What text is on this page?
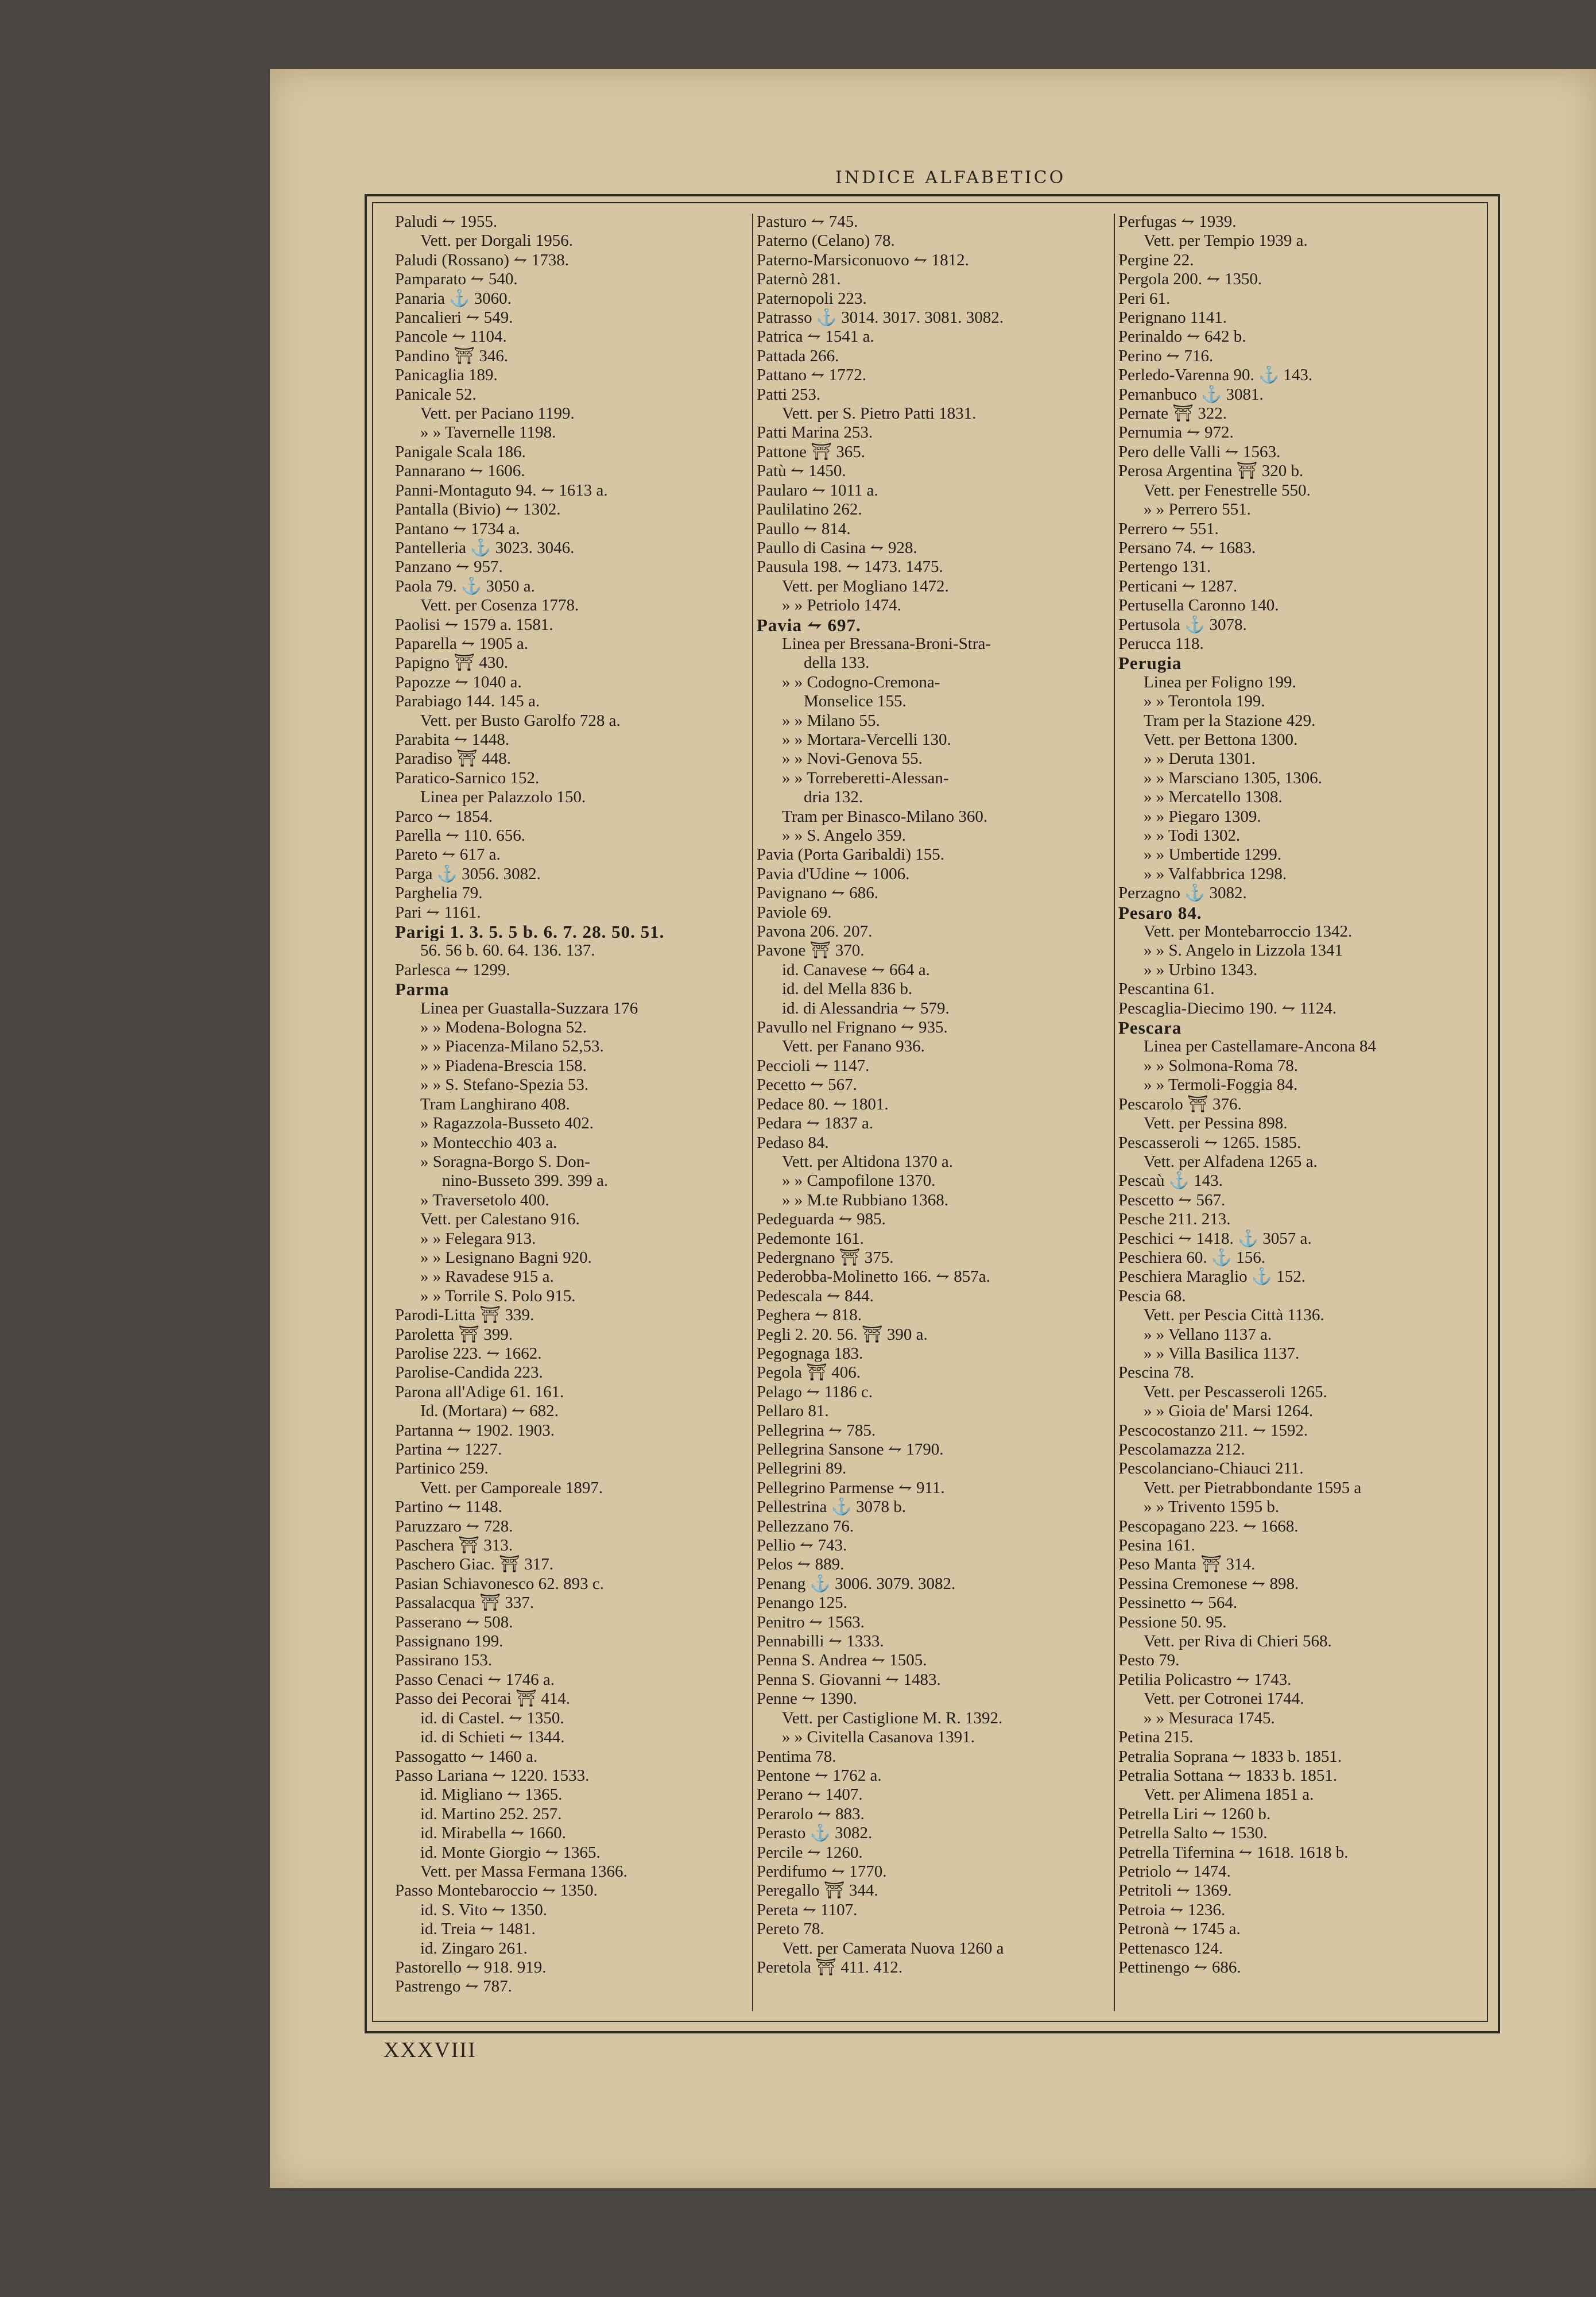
INDICE ALFABETICO
Paludi ⥊ 1955.
Vett. per Dorgali 1956.
Paludi (Rossano) ⥊ 1738.
Pamparato ⥊ 540.
Panaria ⚓ 3060.
Pancalieri ⥊ 549.
Pancole ⥊ 1104.
Pandino ⛩ 346.
Panicaglia 189.
Panicale 52.
Vett. per Paciano 1199.
» » Tavernelle 1198.
Panigale Scala 186.
Pannarano ⥊ 1606.
Panni-Montaguto 94. ⥊ 1613 a.
Pantalla (Bivio) ⥊ 1302.
Pantano ⥊ 1734 a.
Pantelleria ⚓ 3023. 3046.
Panzano ⥊ 957.
Paola 79. ⚓ 3050 a.
Vett. per Cosenza 1778.
Paolisi ⥊ 1579 a. 1581.
Paparella ⥊ 1905 a.
Papigno ⛩ 430.
Papozze ⥊ 1040 a.
Parabiago 144. 145 a.
Vett. per Busto Garolfo 728 a.
Parabita ⥊ 1448.
Paradiso ⛩ 448.
Paratico-Sarnico 152.
Linea per Palazzolo 150.
Parco ⥊ 1854.
Parella ⥊ 110. 656.
Pareto ⥊ 617 a.
Parga ⚓ 3056. 3082.
Parghelia 79.
Pari ⥊ 1161.
Parigi 1. 3. 5. 5 b. 6. 7. 28. 50. 51.
56. 56 b. 60. 64. 136. 137.
Parlesca ⥊ 1299.
Parma
Linea per Guastalla-Suzzara 176
» » Modena-Bologna 52.
» » Piacenza-Milano 52,53.
» » Piadena-Brescia 158.
» » S. Stefano-Spezia 53.
Tram Langhirano 408.
» Ragazzola-Busseto 402.
» Montecchio 403 a.
» Soragna-Borgo S. Don-
nino-Busseto 399. 399 a.
» Traversetolo 400.
Vett. per Calestano 916.
» » Felegara 913.
» » Lesignano Bagni 920.
» » Ravadese 915 a.
» » Torrile S. Polo 915.
Parodi-Litta ⛩ 339.
Paroletta ⛩ 399.
Parolise 223. ⥊ 1662.
Parolise-Candida 223.
Parona all'Adige 61. 161.
Id. (Mortara) ⥊ 682.
Partanna ⥊ 1902. 1903.
Partina ⥊ 1227.
Partinico 259.
Vett. per Camporeale 1897.
Partino ⥊ 1148.
Paruzzaro ⥊ 728.
Paschera ⛩ 313.
Paschero Giac. ⛩ 317.
Pasian Schiavonesco 62. 893 c.
Passalacqua ⛩ 337.
Passerano ⥊ 508.
Passignano 199.
Passirano 153.
Passo Cenaci ⥊ 1746 a.
Passo dei Pecorai ⛩ 414.
id. di Castel. ⥊ 1350.
id. di Schieti ⥊ 1344.
Passogatto ⥊ 1460 a.
Passo Lariana ⥊ 1220. 1533.
id. Migliano ⥊ 1365.
id. Martino 252. 257.
id. Mirabella ⥊ 1660.
id. Monte Giorgio ⥊ 1365.
Vett. per Massa Fermana 1366.
Passo Montebaroccio ⥊ 1350.
id. S. Vito ⥊ 1350.
id. Treia ⥊ 1481.
id. Zingaro 261.
Pastorello ⥊ 918. 919.
Pastrengo ⥊ 787.
Pasturo ⥊ 745.
Paterno (Celano) 78.
Paterno-Marsiconuovo ⥊ 1812.
Paternò 281.
Paternopoli 223.
Patrasso ⚓ 3014. 3017. 3081. 3082.
Patrica ⥊ 1541 a.
Pattada 266.
Pattano ⥊ 1772.
Patti 253.
Vett. per S. Pietro Patti 1831.
Patti Marina 253.
Pattone ⛩ 365.
Patù ⥊ 1450.
Paularo ⥊ 1011 a.
Paulilatino 262.
Paullo ⥊ 814.
Paullo di Casina ⥊ 928.
Pausula 198. ⥊ 1473. 1475.
Vett. per Mogliano 1472.
» » Petriolo 1474.
Pavia ⥊ 697.
Linea per Bressana-Broni-Stra-
della 133.
» » Codogno-Cremona-
Monselice 155.
» » Milano 55.
» » Mortara-Vercelli 130.
» » Novi-Genova 55.
» » Torreberetti-Alessan-
dria 132.
Tram per Binasco-Milano 360.
» » S. Angelo 359.
Pavia (Porta Garibaldi) 155.
Pavia d'Udine ⥊ 1006.
Pavignano ⥊ 686.
Paviole 69.
Pavona 206. 207.
Pavone ⛩ 370.
id. Canavese ⥊ 664 a.
id. del Mella 836 b.
id. di Alessandria ⥊ 579.
Pavullo nel Frignano ⥊ 935.
Vett. per Fanano 936.
Peccioli ⥊ 1147.
Pecetto ⥊ 567.
Pedace 80. ⥊ 1801.
Pedara ⥊ 1837 a.
Pedaso 84.
Vett. per Altidona 1370 a.
» » Campofilone 1370.
» » M.te Rubbiano 1368.
Pedeguarda ⥊ 985.
Pedemonte 161.
Pedergnano ⛩ 375.
Pederobba-Molinetto 166. ⥊ 857a.
Pedescala ⥊ 844.
Peghera ⥊ 818.
Pegli 2. 20. 56. ⛩ 390 a.
Pegognaga 183.
Pegola ⛩ 406.
Pelago ⥊ 1186 c.
Pellaro 81.
Pellegrina ⥊ 785.
Pellegrina Sansone ⥊ 1790.
Pellegrini 89.
Pellegrino Parmense ⥊ 911.
Pellestrina ⚓ 3078 b.
Pellezzano 76.
Pellio ⥊ 743.
Pelos ⥊ 889.
Penang ⚓ 3006. 3079. 3082.
Penango 125.
Penitro ⥊ 1563.
Pennabilli ⥊ 1333.
Penna S. Andrea ⥊ 1505.
Penna S. Giovanni ⥊ 1483.
Penne ⥊ 1390.
Vett. per Castiglione M. R. 1392.
» » Civitella Casanova 1391.
Pentima 78.
Pentone ⥊ 1762 a.
Perano ⥊ 1407.
Perarolo ⥊ 883.
Perasto ⚓ 3082.
Percile ⥊ 1260.
Perdifumo ⥊ 1770.
Peregallo ⛩ 344.
Pereta ⥊ 1107.
Pereto 78.
Vett. per Camerata Nuova 1260 a
Peretola ⛩ 411. 412.
Perfugas ⥊ 1939.
Vett. per Tempio 1939 a.
Pergine 22.
Pergola 200. ⥊ 1350.
Peri 61.
Perignano 1141.
Perinaldo ⥊ 642 b.
Perino ⥊ 716.
Perledo-Varenna 90. ⚓ 143.
Pernanbuco ⚓ 3081.
Pernate ⛩ 322.
Pernumia ⥊ 972.
Pero delle Valli ⥊ 1563.
Perosa Argentina ⛩ 320 b.
Vett. per Fenestrelle 550.
» » Perrero 551.
Perrero ⥊ 551.
Persano 74. ⥊ 1683.
Pertengo 131.
Perticani ⥊ 1287.
Pertusella Caronno 140.
Pertusola ⚓ 3078.
Perucca 118.
Perugia
Linea per Foligno 199.
» » Terontola 199.
Tram per la Stazione 429.
Vett. per Bettona 1300.
» » Deruta 1301.
» » Marsciano 1305, 1306.
» » Mercatello 1308.
» » Piegaro 1309.
» » Todi 1302.
» » Umbertide 1299.
» » Valfabbrica 1298.
Perzagno ⚓ 3082.
Pesaro 84.
Vett. per Montebarroccio 1342.
» » S. Angelo in Lizzola 1341
» » Urbino 1343.
Pescantina 61.
Pescaglia-Diecimo 190. ⥊ 1124.
Pescara
Linea per Castellamare-Ancona 84
» » Solmona-Roma 78.
» » Termoli-Foggia 84.
Pescarolo ⛩ 376.
Vett. per Pessina 898.
Pescasseroli ⥊ 1265. 1585.
Vett. per Alfadena 1265 a.
Pescaù ⚓ 143.
Pescetto ⥊ 567.
Pesche 211. 213.
Peschici ⥊ 1418. ⚓ 3057 a.
Peschiera 60. ⚓ 156.
Peschiera Maraglio ⚓ 152.
Pescia 68.
Vett. per Pescia Città 1136.
» » Vellano 1137 a.
» » Villa Basilica 1137.
Pescina 78.
Vett. per Pescasseroli 1265.
» » Gioia de' Marsi 1264.
Pescocostanzo 211. ⥊ 1592.
Pescolamazza 212.
Pescolanciano-Chiauci 211.
Vett. per Pietrabbondante 1595 a
» » Trivento 1595 b.
Pescopagano 223. ⥊ 1668.
Pesina 161.
Peso Manta ⛩ 314.
Pessina Cremonese ⥊ 898.
Pessinetto ⥊ 564.
Pessione 50. 95.
Vett. per Riva di Chieri 568.
Pesto 79.
Petilia Policastro ⥊ 1743.
Vett. per Cotronei 1744.
» » Mesuraca 1745.
Petina 215.
Petralia Soprana ⥊ 1833 b. 1851.
Petralia Sottana ⥊ 1833 b. 1851.
Vett. per Alimena 1851 a.
Petrella Liri ⥊ 1260 b.
Petrella Salto ⥊ 1530.
Petrella Tifernina ⥊ 1618. 1618 b.
Petriolo ⥊ 1474.
Petritoli ⥊ 1369.
Petroia ⥊ 1236.
Petronà ⥊ 1745 a.
Pettenasco 124.
Pettinengo ⥊ 686.
XXXVIII
